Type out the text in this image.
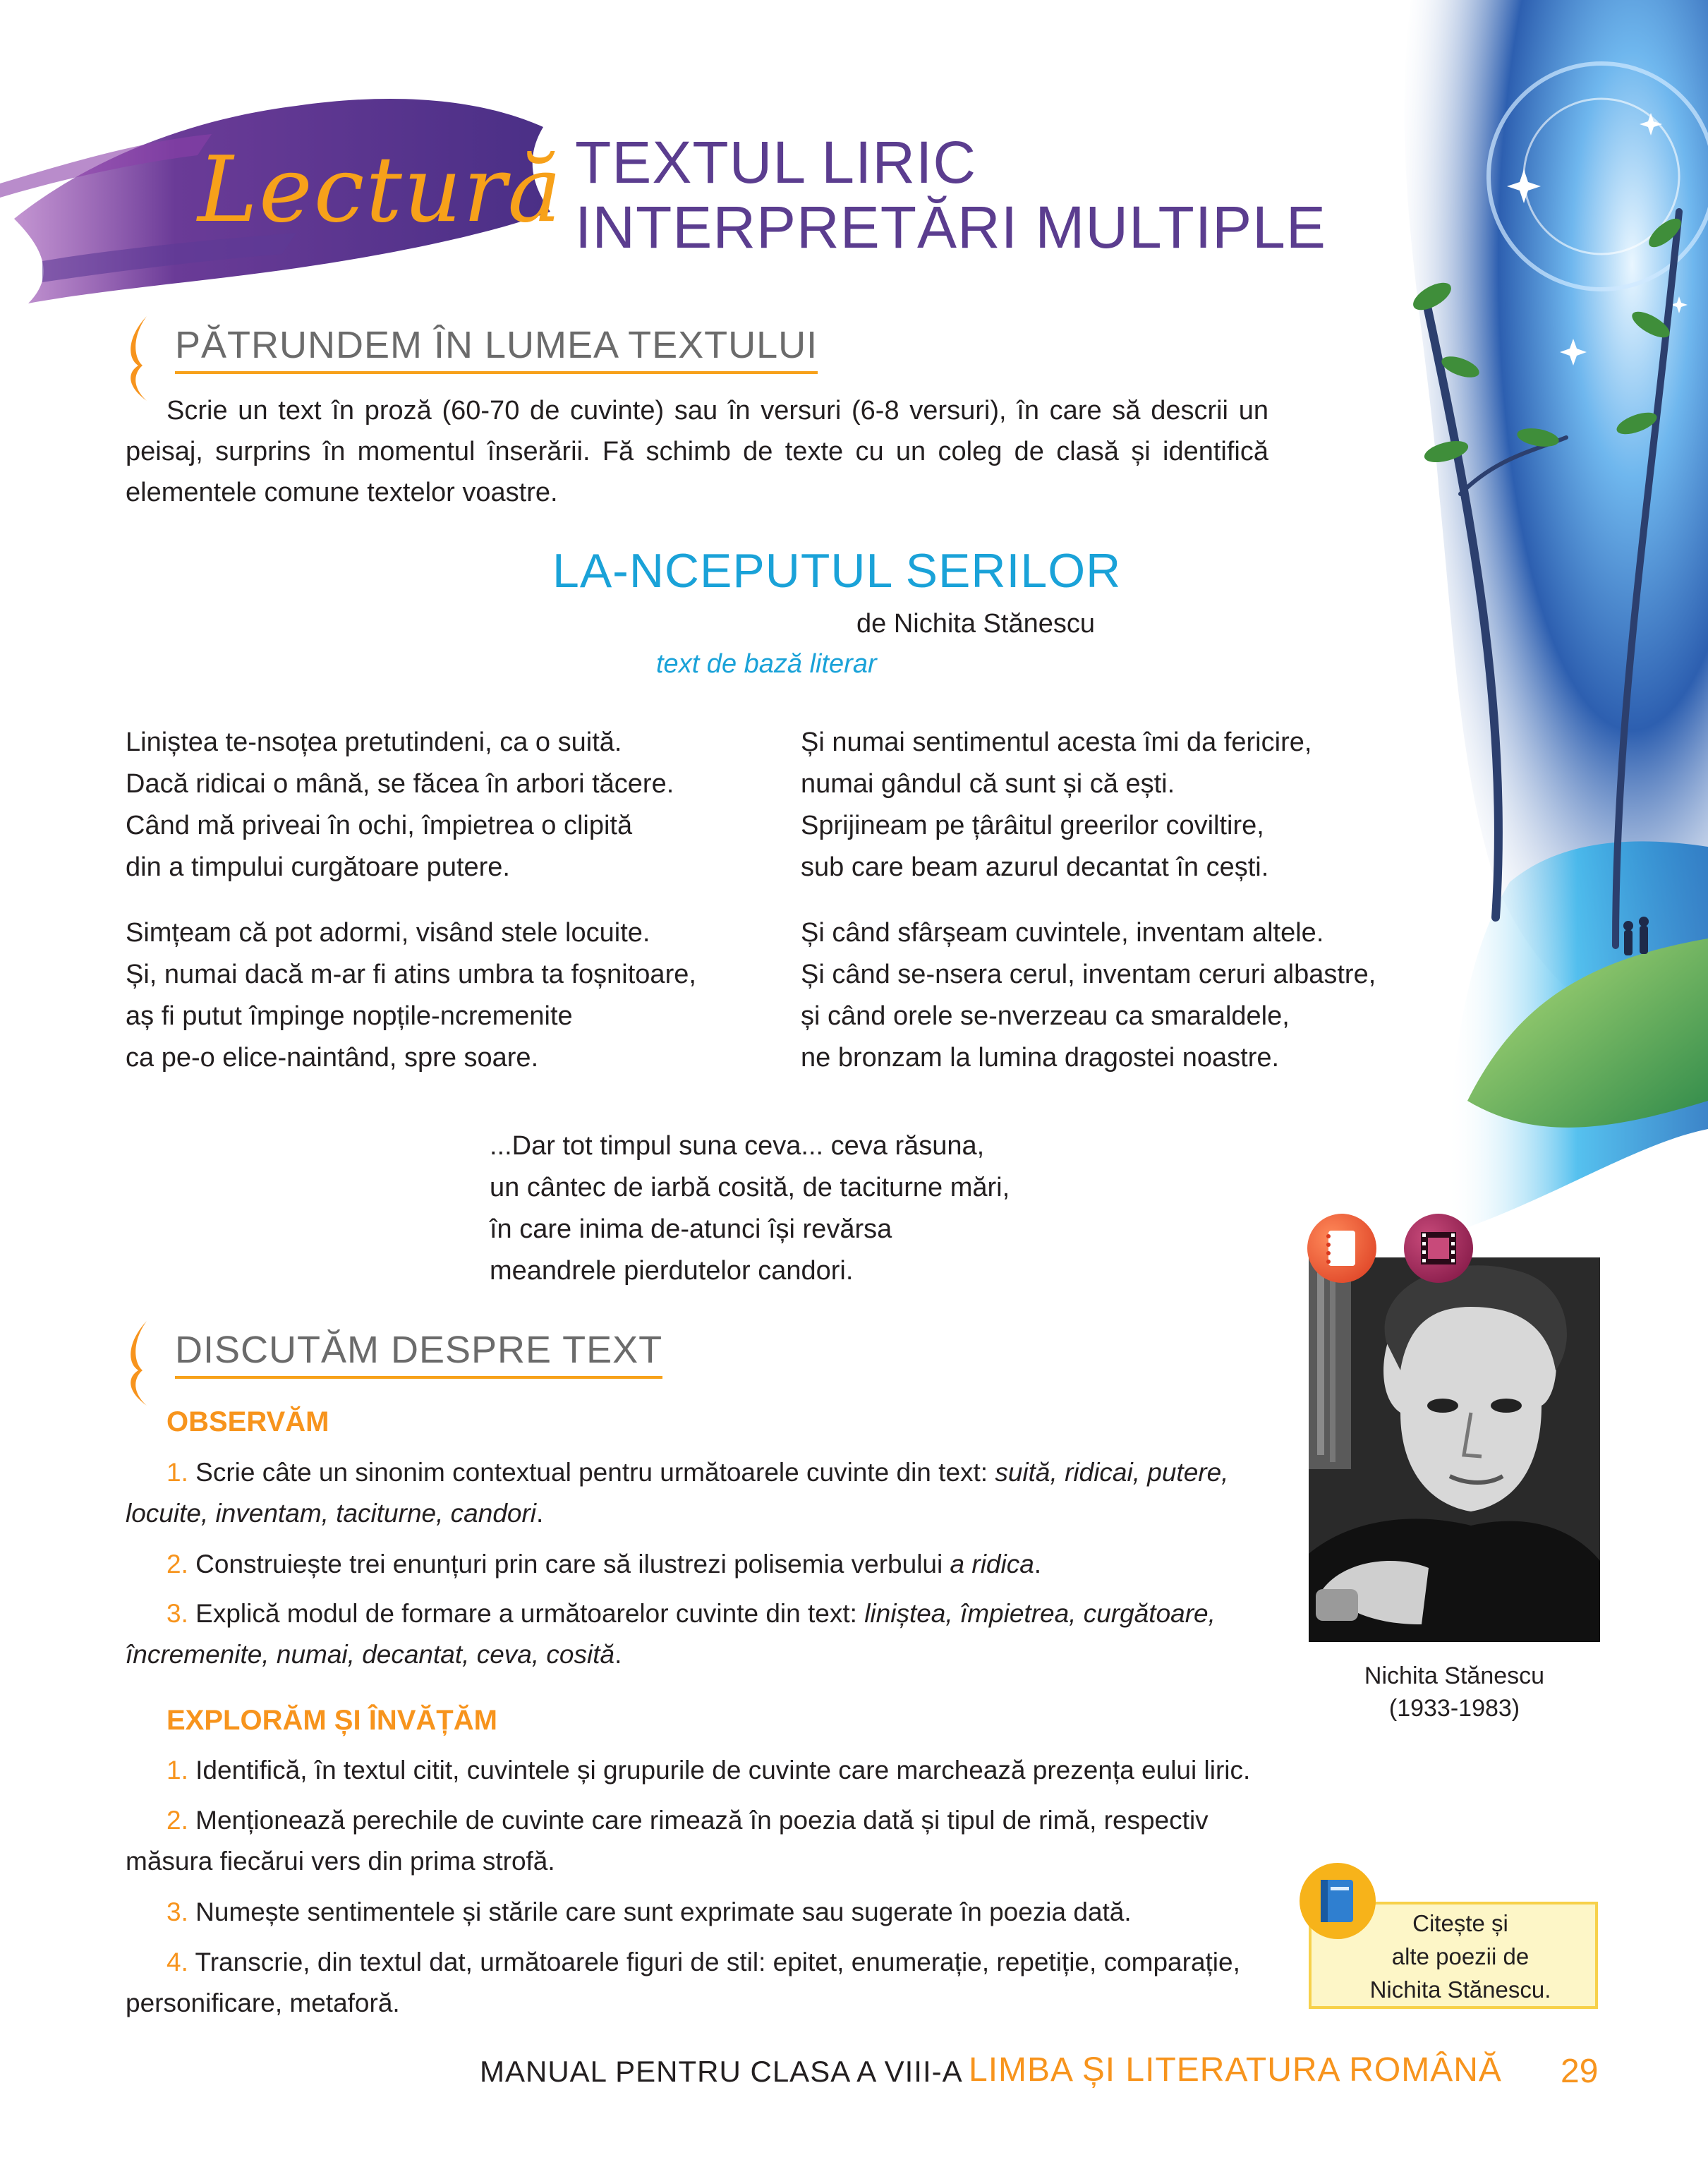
Lectură TEXTUL LIRIC
INTERPRETĂRI MULTIPLE
PĂTRUNDEM ÎN LUMEA TEXTULUI
Scrie un text în proză (60-70 de cuvinte) sau în versuri (6-8 versuri), în care să descrii un peisaj, surprins în momentul înserării. Fă schimb de texte cu un coleg de clasă și identifică elementele comune textelor voastre.
LA-NCEPUTUL SERILOR
de Nichita Stănescu
text de bază literar
Liniștea te-nsoțea pretutindeni, ca o suită.
Dacă ridicai o mână, se făcea în arbori tăcere.
Când mă priveai în ochi, împietrea o clipită
din a timpului curgătoare putere.
Simțeam că pot adormi, visând stele locuite.
Și, numai dacă m-ar fi atins umbra ta foșnitoare,
aș fi putut împinge nopțile-ncremenite
ca pe-o elice-naintând, spre soare.
Și numai sentimentul acesta îmi da fericire,
numai gândul că sunt și că ești.
Sprijineam pe țârâitul greerilor coviltire,
sub care beam azurul decantat în cești.
Și când sfârșeam cuvintele, inventam altele.
Și când se-nsera cerul, inventam ceruri albastre,
și când orele se-nverzeau ca smaraldele,
ne bronzam la lumina dragostei noastre.
...Dar tot timpul suna ceva... ceva răsuna,
un cântec de iarbă cosită, de taciturne mări,
în care inima de-atunci își revărsa
meandrele pierdutelor candori.
Nichita Stănescu
(1933-1983)
DISCUTĂM DESPRE TEXT
OBSERVĂM
1. Scrie câte un sinonim contextual pentru următoarele cuvinte din text: suită, ridicai, putere, locuite, inventam, taciturne, candori.
2. Construiește trei enunțuri prin care să ilustrezi polisemia verbului a ridica.
3. Explică modul de formare a următoarelor cuvinte din text: liniștea, împietrea, curgătoare, încremenite, numai, decantat, ceva, cosită.
EXPLORĂM ȘI ÎNVĂȚĂM
1. Identifică, în textul citit, cuvintele și grupurile de cuvinte care marchează prezența eului liric.
2. Menționează perechile de cuvinte care rimează în poezia dată și tipul de rimă, respectiv măsura fiecărui vers din prima strofă.
3. Numește sentimentele și stările care sunt exprimate sau sugerate în poezia dată.
4. Transcrie, din textul dat, următoarele figuri de stil: epitet, enumerație, repetiție, comparație, personificare, metaforă.
Citește și
alte poezii de
Nichita Stănescu.
MANUAL PENTRU CLASA A VIII-A LIMBA ȘI LITERATURA ROMÂNĂ 29
